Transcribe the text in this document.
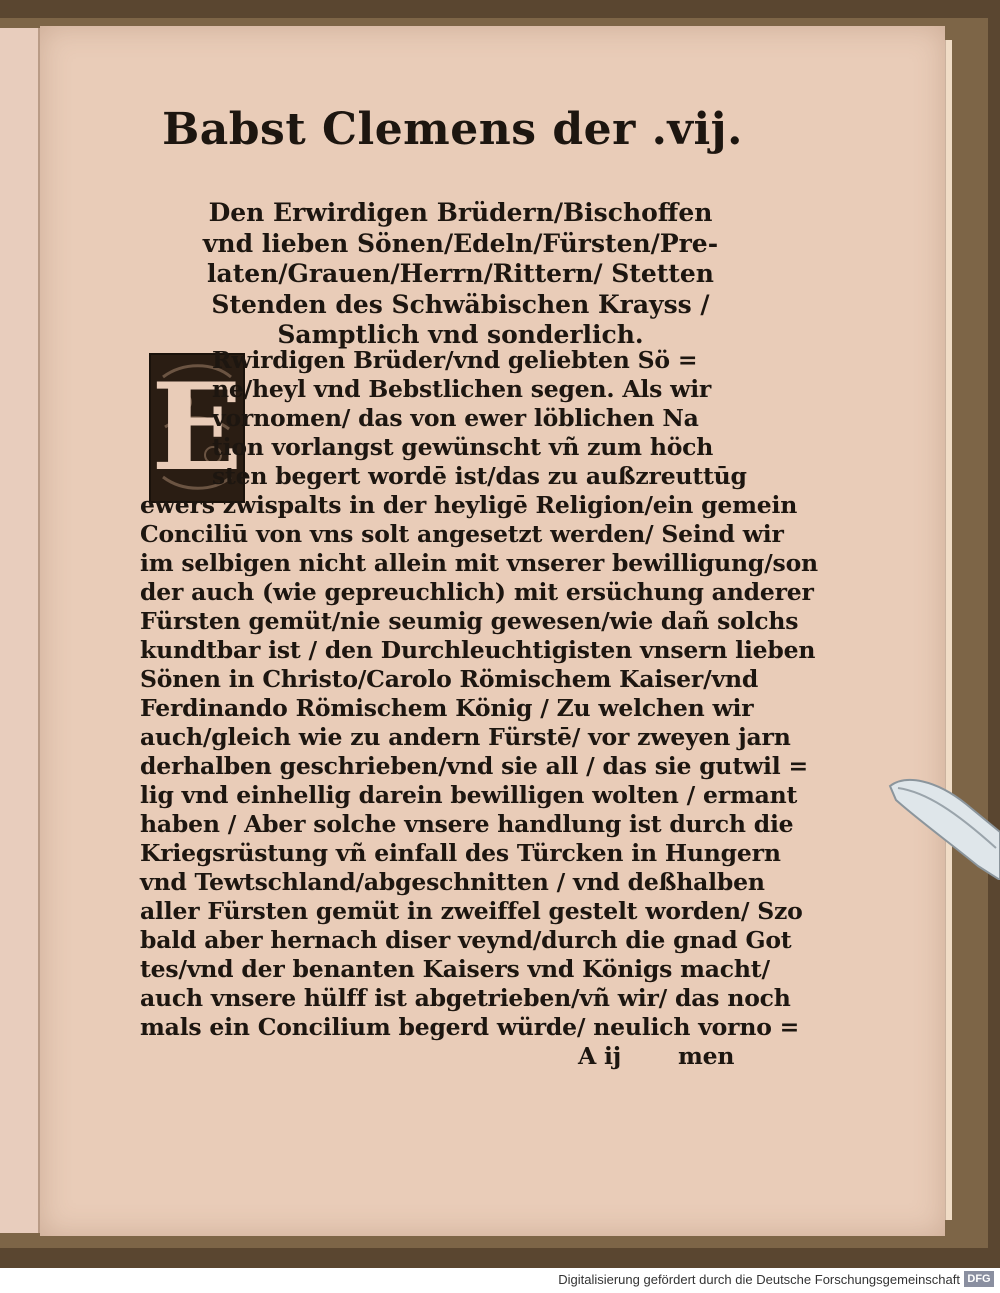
Babst Clemens der .vij.
Den Erwirdigen Brüdern/Bischoffen
vnd lieben Sönen/Edeln/Fürsten/Pre-
laten/Grauen/Herrn/Rittern/ Stetten
Stenden des Schwäbischen Krayss /
Samptlich vnd sonderlich.
E
Rwirdigen Brüder/vnd geliebten Sö =
ne/heyl vnd Bebstlichen segen. Als wir
vornomen/ das von ewer löblichen Na
tion vorlangst gewünscht vñ zum höch
sten begert wordē ist/das zu außzreuttūg
ewers zwispalts in der heyligē Religion/ein gemein
Conciliū von vns solt angesetzt werden/ Seind wir
im selbigen nicht allein mit vnserer bewilligung/son
der auch (wie gepreuchlich) mit ersüchung anderer
Fürsten gemüt/nie seumig gewesen/wie dañ solchs
kundtbar ist / den Durchleuchtigisten vnsern lieben
Sönen in Christo/Carolo Römischem Kaiser/vnd
Ferdinando Römischem König / Zu welchen wir
auch/gleich wie zu andern Fürstē/ vor zweyen jarn
derhalben geschrieben/vnd sie all / das sie gutwil =
lig vnd einhellig darein bewilligen wolten / ermant
haben / Aber solche vnsere handlung ist durch die
Kriegsrüstung vñ einfall des Türcken in Hungern
vnd Tewtschland/abgeschnitten / vnd deßhalben
aller Fürsten gemüt in zweiffel gestelt worden/ Szo
bald aber hernach diser veynd/durch die gnad Got
tes/vnd der benanten Kaisers vnd Königs macht/
auch vnsere hülff ist abgetrieben/vñ wir/ das noch
mals ein Concilium begerd würde/ neulich vorno =
A ij men
Digitalisierung gefördert durch die Deutsche Forschungsgemeinschaft DFG
